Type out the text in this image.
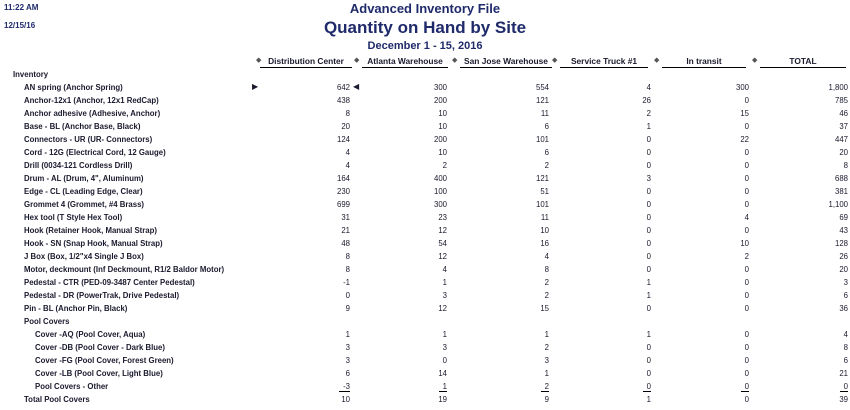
11:22 AM
12/15/16
Advanced Inventory File
Quantity on Hand by Site
December 1 - 15, 2016
◆ Distribution Center	◆ Atlanta Warehouse	◆ San Jose Warehouse ◆	Service Truck #1	◆	In transit	◆	TOTAL
Inventory
AN spring (Anchor Spring)	642	300	554	4	300	1,800
▶	◀
Anchor-12x1 (Anchor, 12x1 RedCap)	438	200	121	26	0	785
Anchor adhesive (Adhesive, Anchor)	8	10	11	2	15	46
Base - BL (Anchor Base, Black)	20	10	6	1	0	37
Connectors - UR (UR- Connectors)	124	200	101	0	22	447
Cord - 12G (Electrical Cord, 12 Gauge)	4	10	6	0	0	20
Drill (0034-121 Cordless Drill)	4	2	2	0	0	8
Drum - AL (Drum, 4", Aluminum)	164	400	121	3	0	688
Edge - CL (Leading Edge, Clear)	230	100	51	0	0	381
Grommet 4 (Grommet, #4 Brass)	699	300	101	0	0	1,100
Hex tool (T Style Hex Tool)	31	23	11	0	4	69
Hook (Retainer Hook, Manual Strap)	21	12	10	0	0	43
Hook - SN (Snap Hook, Manual Strap)	48	54	16	0	10	128
J Box (Box, 1/2"x4 Single J Box)	8	12	4	0	2	26
Motor, deckmount (Inf Deckmount, R1/2 Baldor Motor)	8	4	8	0	0	20
Pedestal - CTR (PED-09-3487 Center Pedestal)	-1	1	2	1	0	3
Pedestal - DR (PowerTrak, Drive Pedestal)	0	3	2	1	0	6
Pin - BL (Anchor Pin, Black)	9	12	15	0	0	36
Pool Covers
Cover -AQ (Pool Cover, Aqua)	1	1	1	1	0	4
Cover -DB (Pool Cover - Dark Blue)	3	3	2	0	0	8
Cover -FG (Pool Cover, Forest Green)	3	0	3	0	0	6
Cover -LB (Pool Cover, Light Blue)	6	14	1	0	0	21
Pool Covers - Other	-3	1	2	0	0	0
Total Pool Covers	10	19	9	1	0	39
